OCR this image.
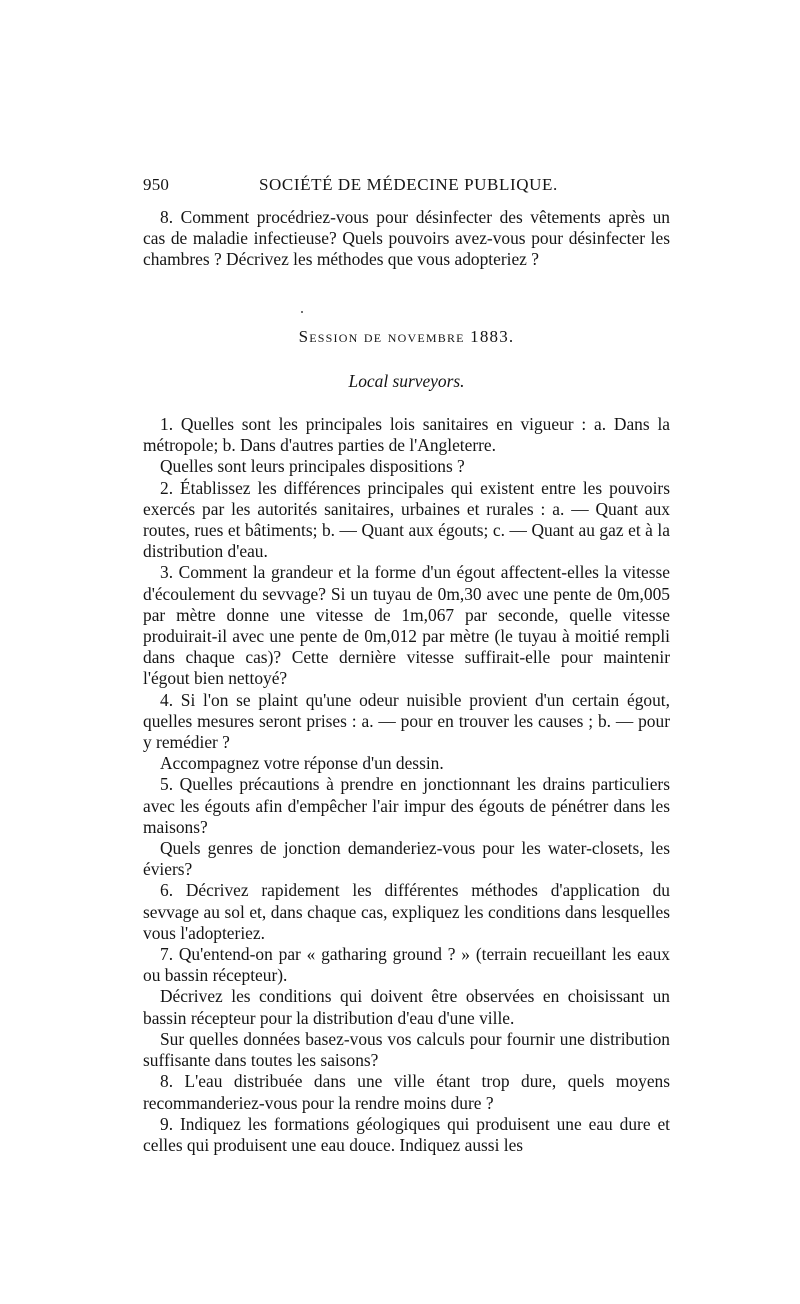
950	SOCIÉTÉ DE MÉDECINE PUBLIQUE.

8. Comment procédriez-vous pour désinfecter des vêtements après un cas de maladie infectieuse? Quels pouvoirs avez-vous pour désinfecter les chambres ? Décrivez les méthodes que vous adopteriez ?

Session de novembre 1883.
Local surveyors.

1. Quelles sont les principales lois sanitaires en vigueur : a. Dans la métropole; b. Dans d'autres parties de l'Angleterre.

Quelles sont leurs principales dispositions ?

2. Établissez les différences principales qui existent entre les pouvoirs exercés par les autorités sanitaires, urbaines et rurales : a. — Quant aux routes, rues et bâtiments; b. — Quant aux égouts; c. — Quant au gaz et à la distribution d'eau.

3. Comment la grandeur et la forme d'un égout affectent-elles la vitesse d'écoulement du sevvage? Si un tuyau de 0m,30 avec une pente de 0m,005 par mètre donne une vitesse de 1m,067 par seconde, quelle vitesse produirait-il avec une pente de 0m,012 par mètre (le tuyau à moitié rempli dans chaque cas)? Cette dernière vitesse suffirait-elle pour maintenir l'égout bien nettoyé?

4. Si l'on se plaint qu'une odeur nuisible provient d'un certain égout, quelles mesures seront prises : a. — pour en trouver les causes ; b. — pour y remédier ?

Accompagnez votre réponse d'un dessin.

5. Quelles précautions à prendre en jonctionnant les drains particuliers avec les égouts afin d'empêcher l'air impur des égouts de pénétrer dans les maisons?

Quels genres de jonction demanderiez-vous pour les water-closets, les éviers?

6. Décrivez rapidement les différentes méthodes d'application du sevvage au sol et, dans chaque cas, expliquez les conditions dans lesquelles vous l'adopteriez.

7. Qu'entend-on par « gatharing ground ? » (terrain recueillant les eaux ou bassin récepteur).

Décrivez les conditions qui doivent être observées en choisissant un bassin récepteur pour la distribution d'eau d'une ville.

Sur quelles données basez-vous vos calculs pour fournir une distribution suffisante dans toutes les saisons?

8. L'eau distribuée dans une ville étant trop dure, quels moyens recommanderiez-vous pour la rendre moins dure ?

9. Indiquez les formations géologiques qui produisent une eau dure et celles qui produisent une eau douce. Indiquez aussi les
